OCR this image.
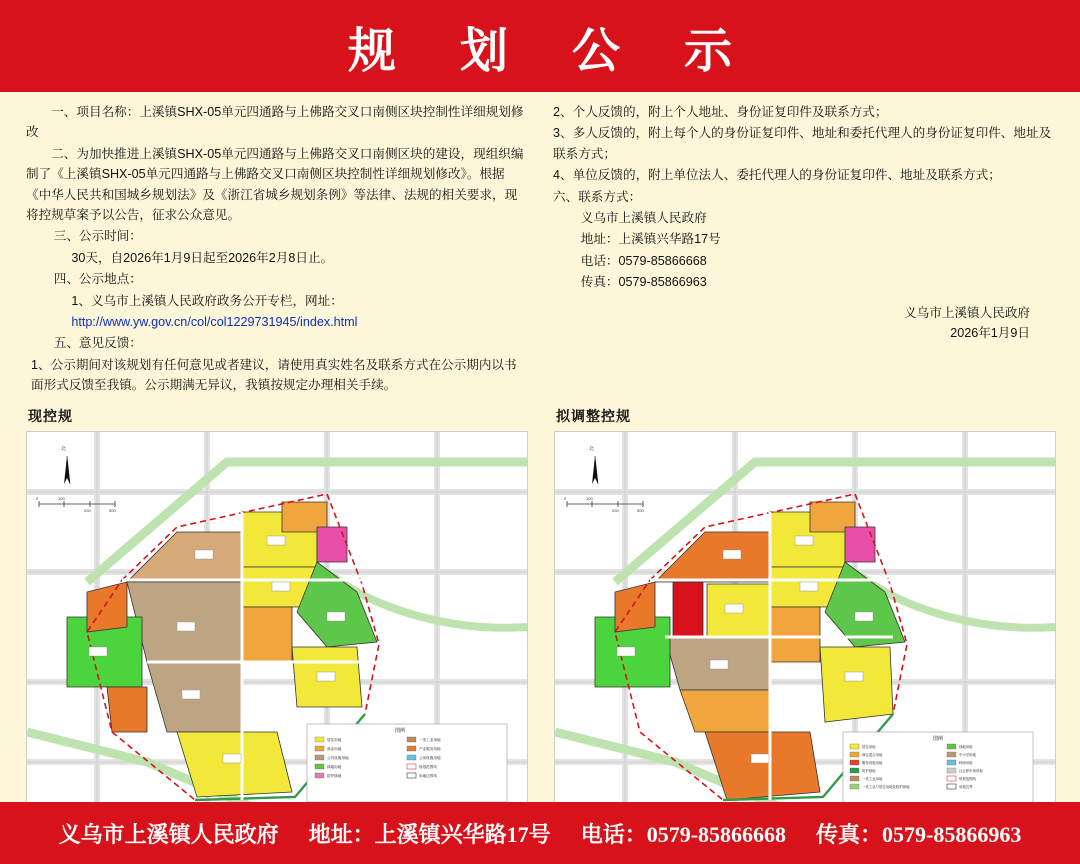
规 划 公 示

一、项目名称：上溪镇SHX-05单元四通路与上佛路交叉口南侧区块控制性详细规划修改

二、为加快推进上溪镇SHX-05单元四通路与上佛路交叉口南侧区块的建设，现组织编制了《上溪镇SHX-05单元四通路与上佛路交叉口南侧区块控制性详细规划修改》。根据《中华人民共和国城乡规划法》及《浙江省城乡规划条例》等法律、法规的相关要求，现将控规草案予以公告，征求公众意见。

三、公示时间：

30天，自2026年1月9日起至2026年2月8日止。

四、公示地点：

1、义乌市上溪镇人民政府政务公开专栏，网址：

http://www.yw.gov.cn/col/col1229731945/index.html

五、意见反馈：

1、公示期间对该规划有任何意见或者建议，请使用真实姓名及联系方式在公示期内以书面形式反馈至我镇。公示期满无异议，我镇按规定办理相关手续。

2、个人反馈的，附上个人地址、身份证复印件及联系方式；

3、多人反馈的，附上每个人的身份证复印件、地址和委托代理人的身份证复印件、地址及联系方式；

4、单位反馈的，附上单位法人、委托代理人的身份证复印件、地址及联系方式；

六、联系方式：

义乌市上溪镇人民政府

地址：上溪镇兴华路17号

电话：0579-85866668

传真：0579-85866963

义乌市上溪镇人民政府
2026年1月9日
现控规
北
0	100
200	300
图例
居住用地
商业用地
公共设施用地
绿地用地
防护绿地
一类工业用地
产业服务用地
公用设施用地
规划范围线
用地边界线
拟调整控规
北
0	100
200	300
图例
居住用地
商住混合用地
服务设施用地
防护绿地
一类工业用地
一类工业与居住用地及防护绿地
绿地用地
中小学用地
科研用地
社会停车场用地
规划范围线
用地边界
义乌市上溪镇人民政府 地址：上溪镇兴华路17号 电话：0579-85866668 传真：0579-85866963
